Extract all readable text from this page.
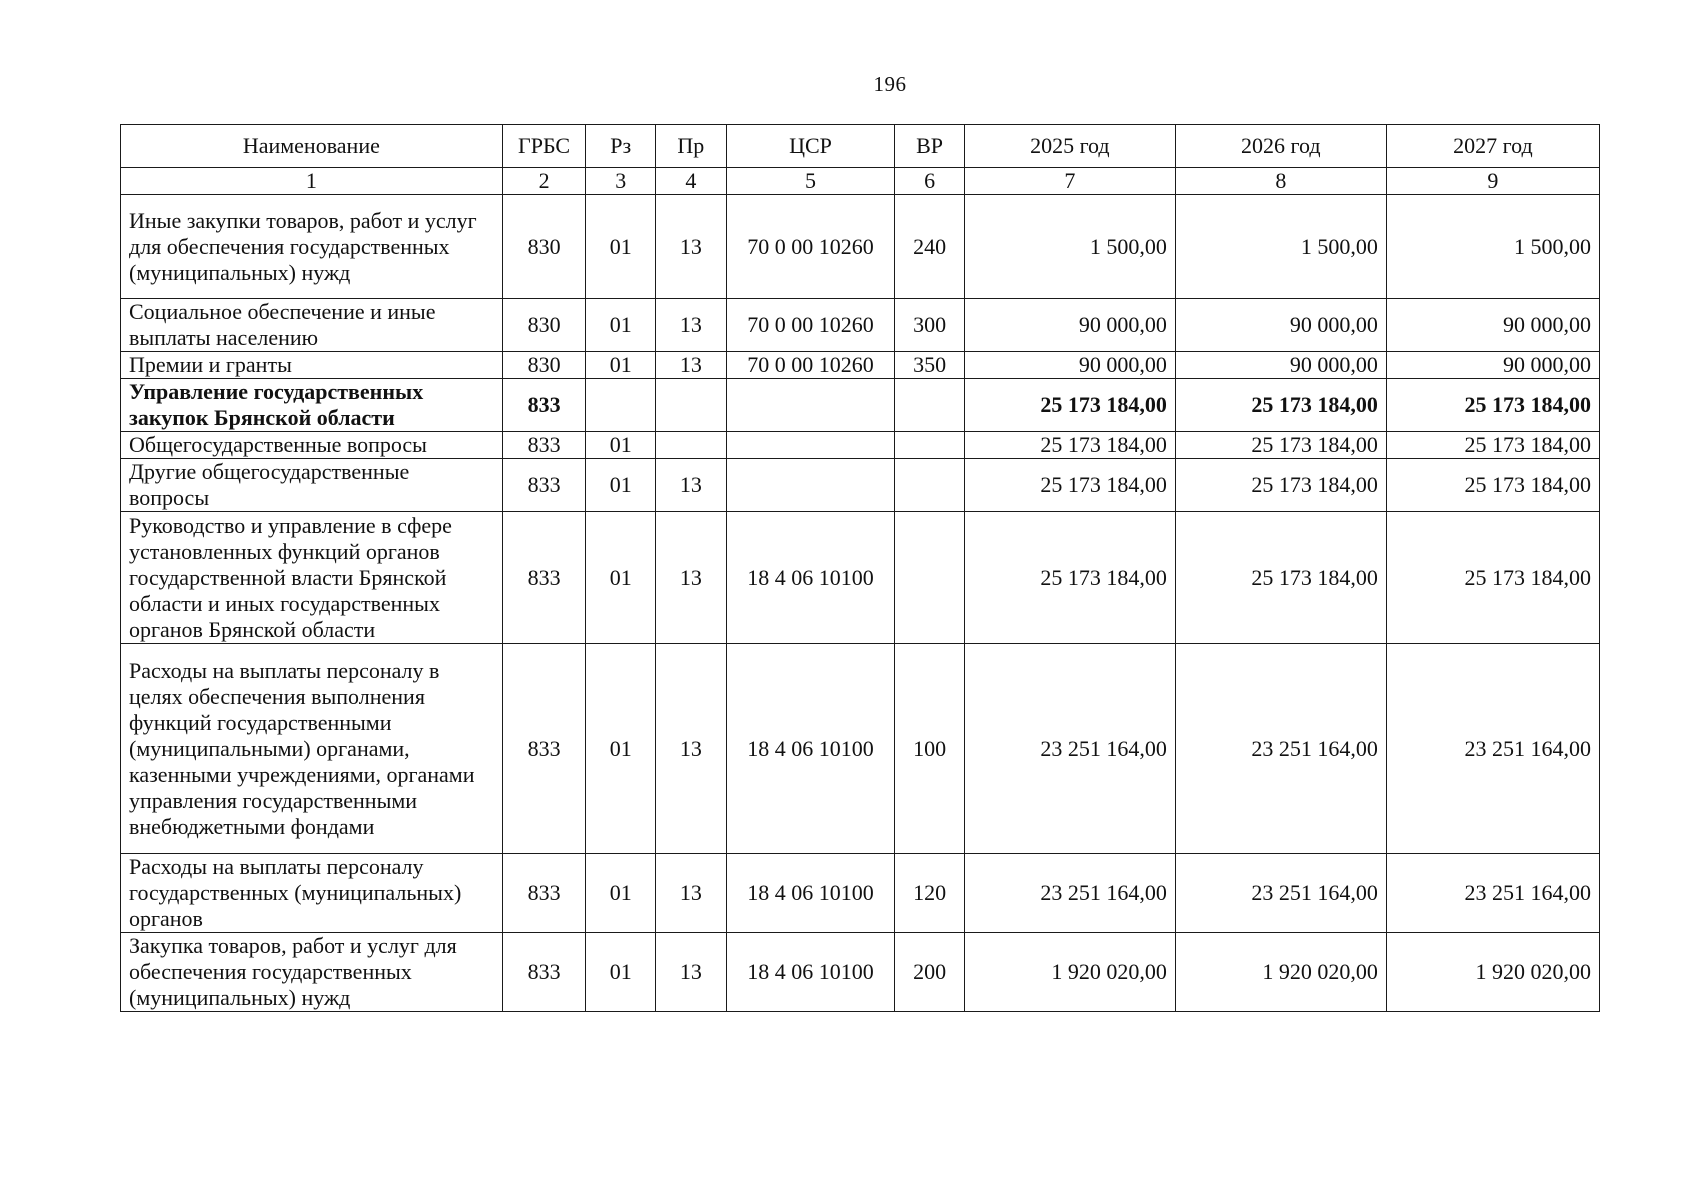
196
Наименование	ГРБС	Рз	Пр	ЦСР	ВР	2025 год	2026 год	2027 год
1	2	3	4	5	6	7	8	9
Иные закупки товаров, работ и услуг для обеспечения государственных (муниципальных) нужд	830	01	13	70 0 00 10260	240	1 500,00	1 500,00	1 500,00
Социальное обеспечение и иные выплаты населению	830	01	13	70 0 00 10260	300	90 000,00	90 000,00	90 000,00
Премии и гранты	830	01	13	70 0 00 10260	350	90 000,00	90 000,00	90 000,00
Управление государственных закупок Брянской области	833					25 173 184,00	25 173 184,00	25 173 184,00
Общегосударственные вопросы	833	01				25 173 184,00	25 173 184,00	25 173 184,00
Другие общегосударственные вопросы	833	01	13			25 173 184,00	25 173 184,00	25 173 184,00
Руководство и управление в сфере установленных функций органов государственной власти Брянской области и иных государственных органов Брянской области	833	01	13	18 4 06 10100		25 173 184,00	25 173 184,00	25 173 184,00
Расходы на выплаты персоналу в целях обеспечения выполнения функций государственными (муниципальными) органами, казенными учреждениями, органами управления государственными внебюджетными фондами	833	01	13	18 4 06 10100	100	23 251 164,00	23 251 164,00	23 251 164,00
Расходы на выплаты персоналу государственных (муниципальных) органов	833	01	13	18 4 06 10100	120	23 251 164,00	23 251 164,00	23 251 164,00
Закупка товаров, работ и услуг для обеспечения государственных (муниципальных) нужд	833	01	13	18 4 06 10100	200	1 920 020,00	1 920 020,00	1 920 020,00
